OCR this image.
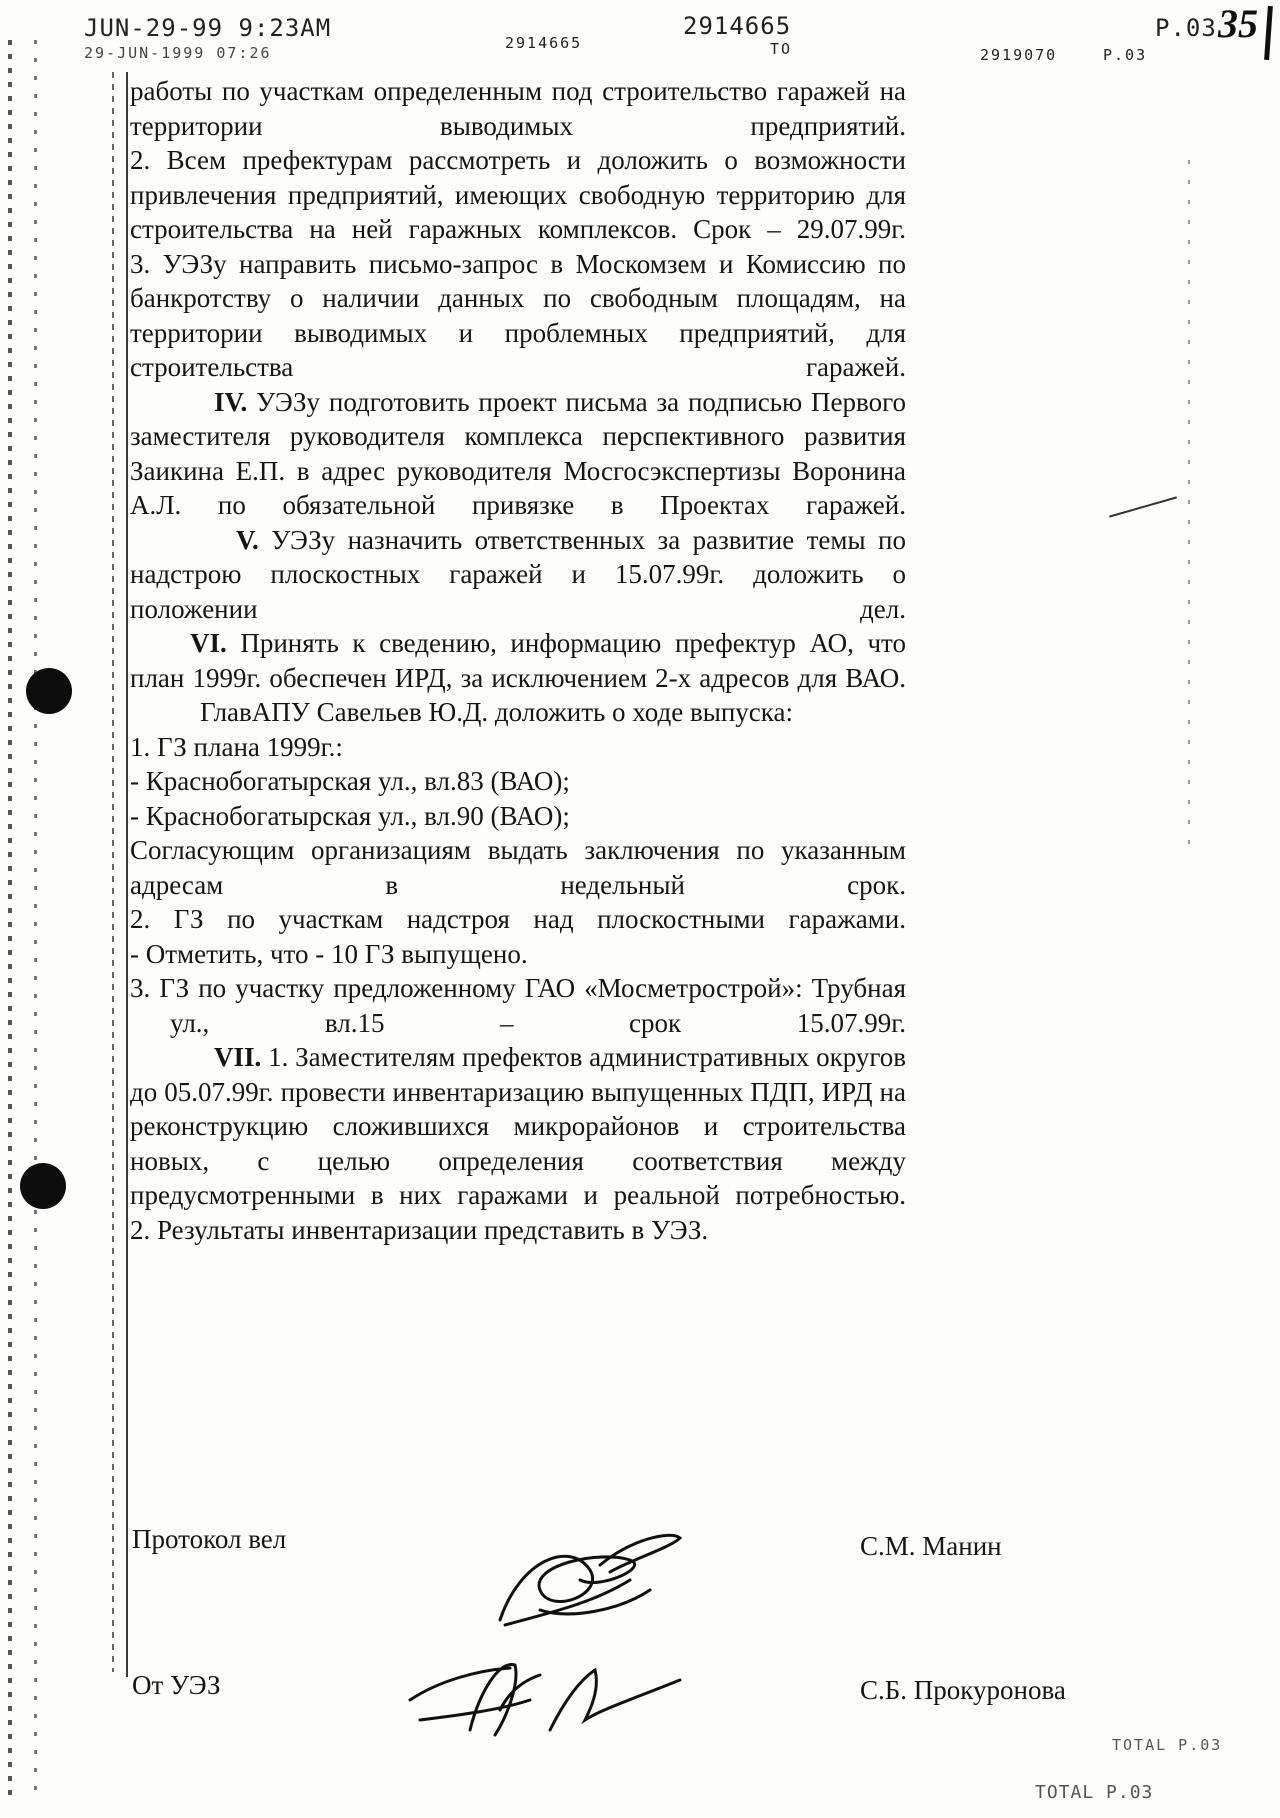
JUN-29-99 9:23AM
29-JUN-1999 07:26
2914665
2914665
TO
P.03
2919070	P.03
35

работы по участкам определенным под строительство гаражей на территории выводимых предприятий.

2. Всем префектурам рассмотреть и доложить о возможности привлечения предприятий, имеющих свободную территорию для строительства на ней гаражных комплексов. Срок – 29.07.99г.

3. УЭЗу направить письмо-запрос в Москомзем и Комиссию по банкротству о наличии данных по свободным площадям, на территории выводимых и проблемных предприятий, для строительства гаражей.

IV. УЭЗу подготовить проект письма за подписью Первого заместителя руководителя комплекса перспективного развития Заикина Е.П. в адрес руководителя Мосгосэкспертизы Воронина А.Л. по обязательной привязке в Проектах гаражей.

V. УЭЗу назначить ответственных за развитие темы по надстрою плоскостных гаражей и 15.07.99г. доложить о положении дел.

VI. Принять к сведению, информацию префектур АО, что план 1999г. обеспечен ИРД, за исключением 2-х адресов для ВАО.

ГлавАПУ Савельев Ю.Д. доложить о ходе выпуска:

1. ГЗ плана 1999г.:

- Краснобогатырская ул., вл.83 (ВАО);

- Краснобогатырская ул., вл.90 (ВАО);

Согласующим организациям выдать заключения по указанным адресам в недельный срок.

2. ГЗ по участкам надстроя над плоскостными гаражами.

- Отметить, что - 10 ГЗ выпущено.

3. ГЗ по участку предложенному ГАО «Мосметрострой»: Трубная ул., вл.15 – срок 15.07.99г.

VII. 1. Заместителям префектов административных округов до 05.07.99г. провести инвентаризацию выпущенных ПДП, ИРД на реконструкцию сложившихся микрорайонов и строительства новых, с целью определения соответствия между предусмотренными в них гаражами и реальной потребностью.

2. Результаты инвентаризации представить в УЭЗ.

Протокол вел	С.М. Манин
От УЭЗ	С.Б. Прокуронова
TOTAL P.03
TOTAL P.03
